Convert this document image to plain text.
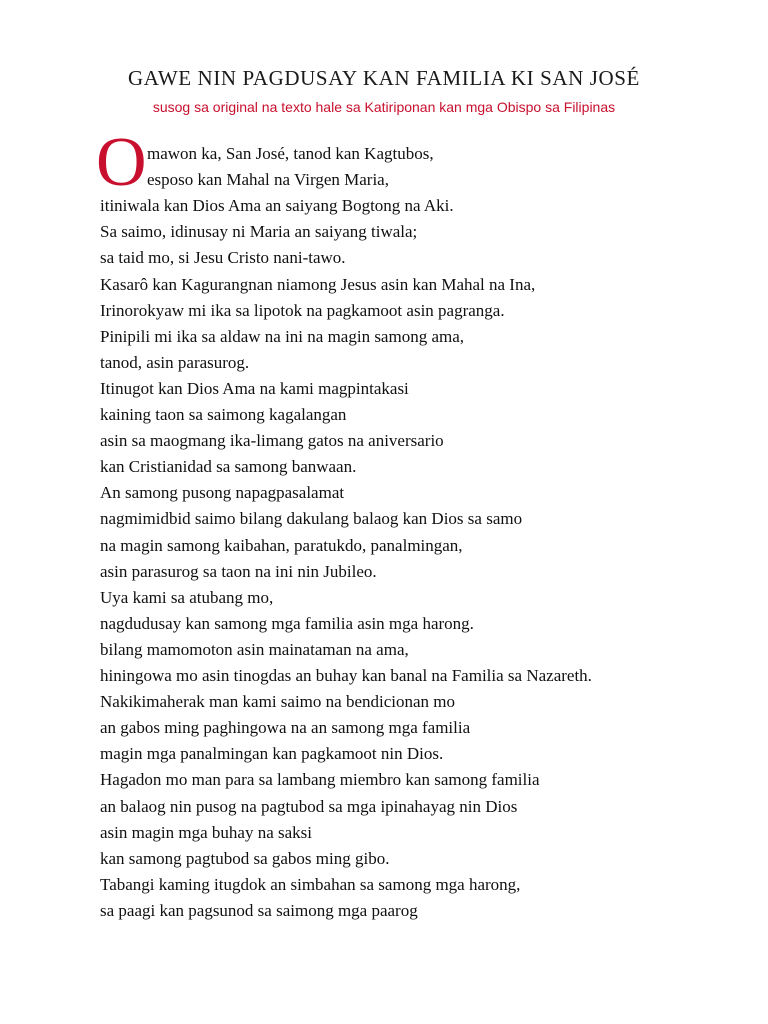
GAWE NIN PAGDUSAY KAN FAMILIA KI SAN JOSÉ

susog sa original na texto hale sa Katiriponan kan mga Obispo sa Filipinas

O mawon ka, San José, tanod kan Kagtubos,
esposo kan Mahal na Virgen Maria,
itiniwala kan Dios Ama an saiyang Bogtong na Aki.
Sa saimo, idinusay ni Maria an saiyang tiwala;
sa taid mo, si Jesu Cristo nani-tawo.
Kasarô kan Kagurangnan niamong Jesus asin kan Mahal na Ina,
Irinorokyaw mi ika sa lipotok na pagkamoot asin pagranga.
Pinipili mi ika sa aldaw na ini na magin samong ama,
tanod, asin parasurog.
Itinugot kan Dios Ama na kami magpintakasi
kaining taon sa saimong kagalangan
asin sa maogmang ika-limang gatos na aniversario
kan Cristianidad sa samong banwaan.
An samong pusong napagpasalamat
nagmimidbid saimo bilang dakulang balaog kan Dios sa samo
na magin samong kaibahan, paratukdo, panalmingan,
asin parasurog sa taon na ini nin Jubileo.
Uya kami sa atubang mo,
nagdudusay kan samong mga familia asin mga harong.
bilang mamomoton asin mainataman na ama,
hiningowa mo asin tinogdas an buhay kan banal na Familia sa Nazareth.
Nakikimaherak man kami saimo na bendicionan mo
an gabos ming paghingowa na an samong mga familia
magin mga panalmingan kan pagkamoot nin Dios.
Hagadon mo man para sa lambang miembro kan samong familia
an balaog nin pusog na pagtubod sa mga ipinahayag nin Dios
asin magin mga buhay na saksi
kan samong pagtubod sa gabos ming gibo.
Tabangi kaming itugdok an simbahan sa samong mga harong,
sa paagi kan pagsunod sa saimong mga paarog
